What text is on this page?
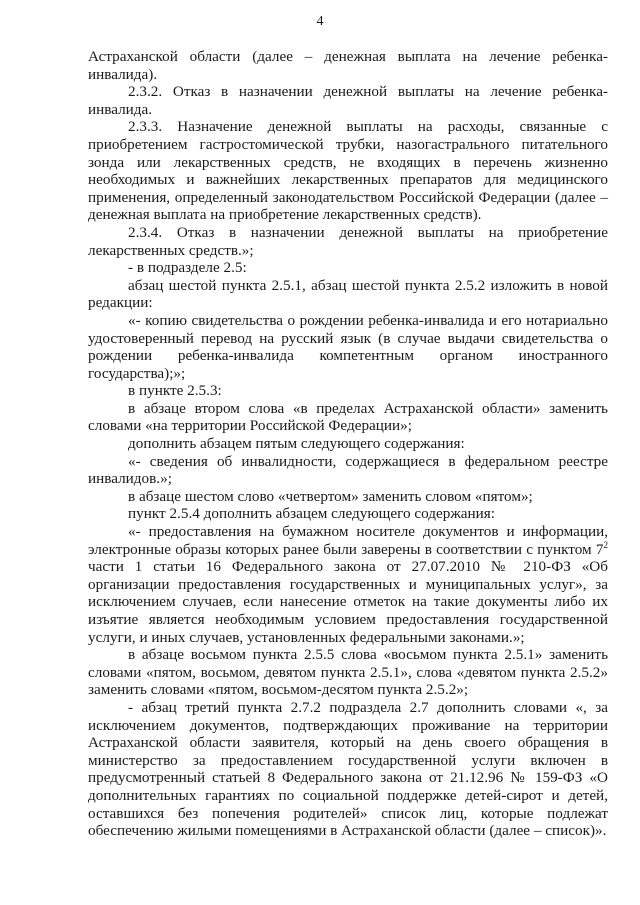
4

Астраханской области (далее – денежная выплата на лечение ребенка-инвалида).

2.3.2. Отказ в назначении денежной выплаты на лечение ребенка-инвалида.

2.3.3. Назначение денежной выплаты на расходы, связанные с приобретением гастростомической трубки, назогастрального питательного зонда или лекарственных средств, не входящих в перечень жизненно необходимых и важнейших лекарственных препаратов для медицинского применения, определенный законодательством Российской Федерации (далее – денежная выплата на приобретение лекарственных средств).

2.3.4. Отказ в назначении денежной выплаты на приобретение лекарственных средств.»;

- в подразделе 2.5:

абзац шестой пункта 2.5.1, абзац шестой пункта 2.5.2 изложить в новой редакции:

«- копию свидетельства о рождении ребенка-инвалида и его нотариально удостоверенный перевод на русский язык (в случае выдачи свидетельства о рождении ребенка-инвалида компетентным органом иностранного государства);»;

в пункте 2.5.3:

в абзаце втором слова «в пределах Астраханской области» заменить словами «на территории Российской Федерации»;

дополнить абзацем пятым следующего содержания:

«- сведения об инвалидности, содержащиеся в федеральном реестре инвалидов.»;

в абзаце шестом слово «четвертом» заменить словом «пятом»;

пункт 2.5.4 дополнить абзацем следующего содержания:

«- предоставления на бумажном носителе документов и информации, электронные образы которых ранее были заверены в соответствии с пунктом $7^2$ части 1 статьи 16 Федерального закона от 27.07.2010 № 210-ФЗ «Об организации предоставления государственных и муниципальных услуг», за исключением случаев, если нанесение отметок на такие документы либо их изъятие является необходимым условием предоставления государственной услуги, и иных случаев, установленных федеральными законами.»;

в абзаце восьмом пункта 2.5.5 слова «восьмом пункта 2.5.1» заменить словами «пятом, восьмом, девятом пункта 2.5.1», слова «девятом пункта 2.5.2» заменить словами «пятом, восьмом-десятом пункта 2.5.2»;

- абзац третий пункта 2.7.2 подраздела 2.7 дополнить словами «, за исключением документов, подтверждающих проживание на территории Астраханской области заявителя, который на день своего обращения в министерство за предоставлением государственной услуги включен в предусмотренный статьей 8 Федерального закона от 21.12.96 № 159-ФЗ «О дополнительных гарантиях по социальной поддержке детей-сирот и детей, оставшихся без попечения родителей» список лиц, которые подлежат обеспечению жилыми помещениями в Астраханской области (далее – список)».
